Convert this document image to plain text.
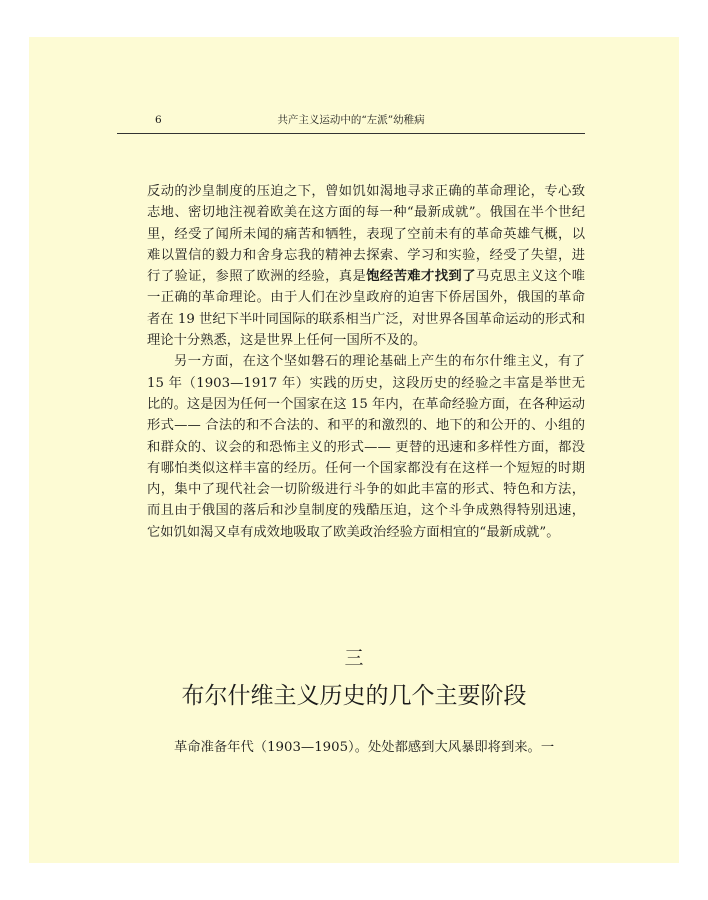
6	共产主义运动中的“左派”幼稚病

反动的沙皇制度的压迫之下，曾如饥如渴地寻求正确的革命理论，专心致志地、密切地注视着欧美在这方面的每一种“最新成就”。俄国在半个世纪里，经受了闻所未闻的痛苦和牺牲，表现了空前未有的革命英雄气概，以难以置信的毅力和舍身忘我的精神去探索、学习和实验，经受了失望，进行了验证，参照了欧洲的经验，真是饱经苦难才找到了马克思主义这个唯一正确的革命理论。由于人们在沙皇政府的迫害下侨居国外，俄国的革命者在 19 世纪下半叶同国际的联系相当广泛，对世界各国革命运动的形式和理论十分熟悉，这是世界上任何一国所不及的。

另一方面，在这个坚如磐石的理论基础上产生的布尔什维主义，有了 15 年（1903—1917 年）实践的历史，这段历史的经验之丰富是举世无比的。这是因为任何一个国家在这 15 年内，在革命经验方面，在各种运动形式—— 合法的和不合法的、和平的和激烈的、地下的和公开的、小组的和群众的、议会的和恐怖主义的形式—— 更替的迅速和多样性方面，都没有哪怕类似这样丰富的经历。任何一个国家都没有在这样一个短短的时期内，集中了现代社会一切阶级进行斗争的如此丰富的形式、特色和方法，而且由于俄国的落后和沙皇制度的残酷压迫，这个斗争成熟得特别迅速，它如饥如渴又卓有成效地吸取了欧美政治经验方面相宜的“最新成就”。

三
布尔什维主义历史的几个主要阶段

革命准备年代（1903—1905）。处处都感到大风暴即将到来。一
